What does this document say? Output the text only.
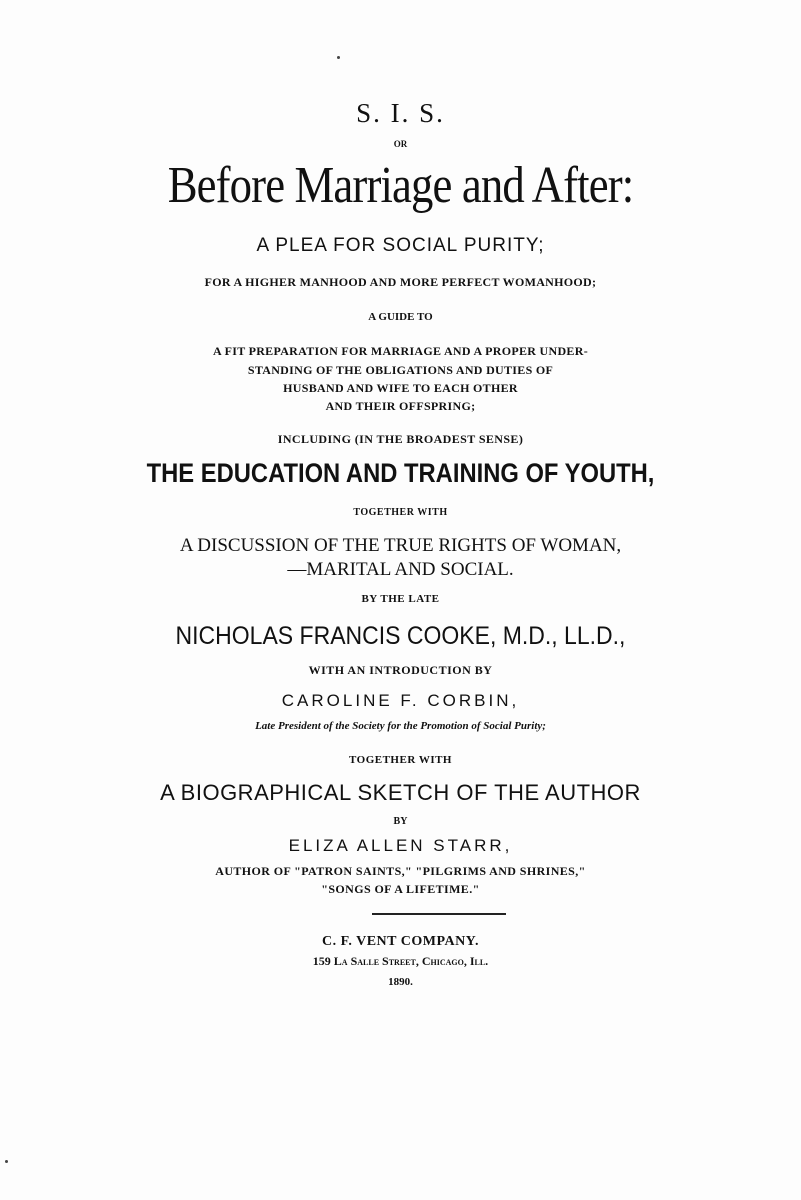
S. I. S.
OR
Before Marriage and After:
A PLEA FOR SOCIAL PURITY;
FOR A HIGHER MANHOOD AND MORE PERFECT WOMANHOOD;
A GUIDE TO
A FIT PREPARATION FOR MARRIAGE AND A PROPER UNDER-
STANDING OF THE OBLIGATIONS AND DUTIES OF
HUSBAND AND WIFE TO EACH OTHER
AND THEIR OFFSPRING;
INCLUDING (IN THE BROADEST SENSE)
THE EDUCATION AND TRAINING OF YOUTH,
TOGETHER WITH
A DISCUSSION OF THE TRUE RIGHTS OF WOMAN,
—MARITAL AND SOCIAL.
BY THE LATE
NICHOLAS FRANCIS COOKE, M.D., LL.D.,
WITH AN INTRODUCTION BY
CAROLINE F. CORBIN,
Late President of the Society for the Promotion of Social Purity;
TOGETHER WITH
A BIOGRAPHICAL SKETCH OF THE AUTHOR
BY
ELIZA ALLEN STARR,
AUTHOR OF "PATRON SAINTS," "PILGRIMS AND SHRINES,"
"SONGS OF A LIFETIME."
C. F. VENT COMPANY.
159 La Salle Street, Chicago, Ill.
1890.
